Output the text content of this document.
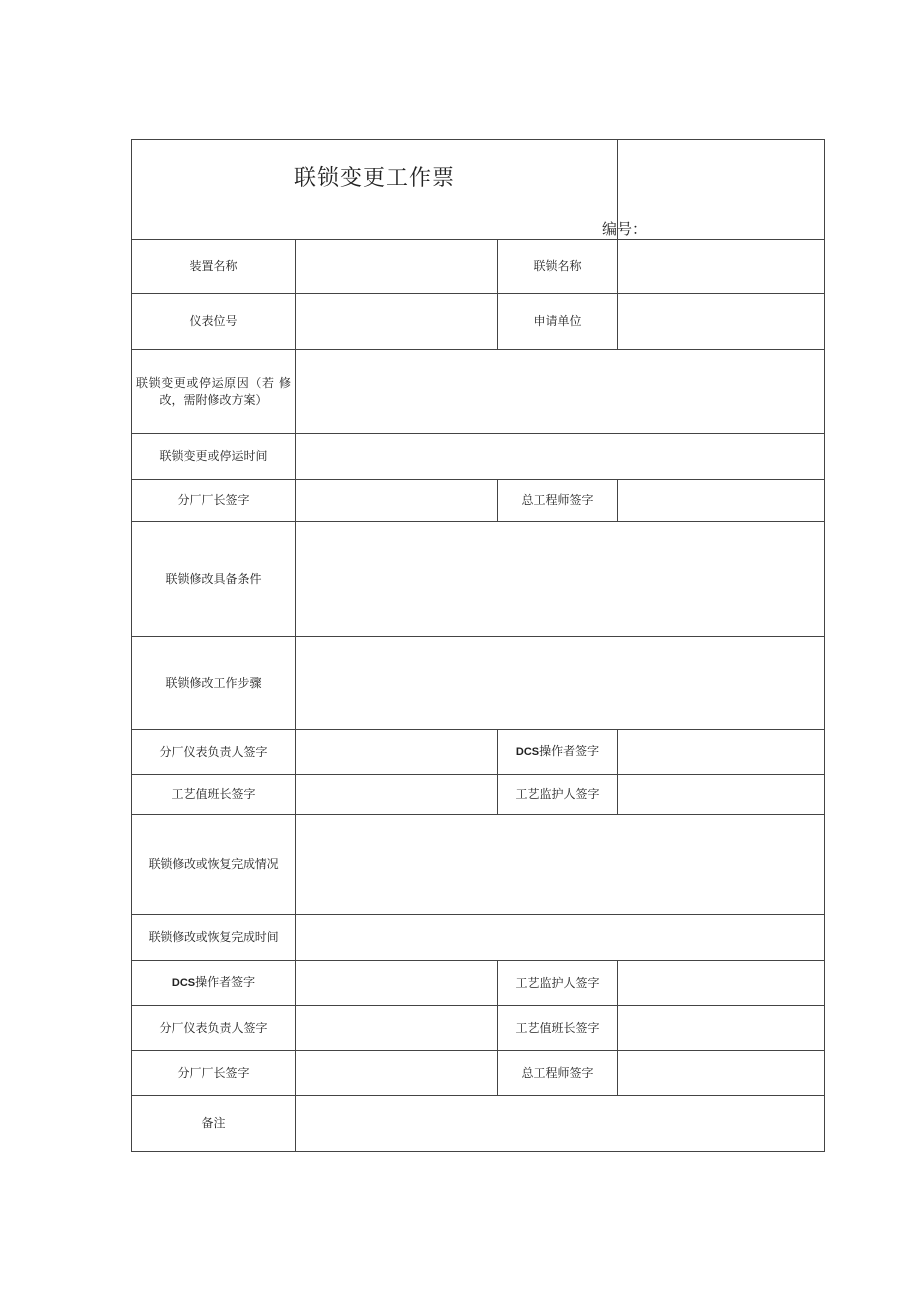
联锁变更工作票
编号：			

装置名称		联锁名称	
仪表位号		申请单位	

联锁变更或停运原因（若 修改，需附修改方案）			

联锁变更或停运时间			
分厂厂长签字		总工程师签字	
联锁修改具备条件			
联锁修改工作步骤			
分厂仪表负责人签字		DCS操作者签字	
工艺值班长签字		工艺监护人签字	
联锁修改或恢复完成情况			
联锁修改或恢复完成时间			
DCS操作者签字		工艺监护人签字	
分厂仪表负责人签字		工艺值班长签字	
分厂厂长签字		总工程师签字	
备注			
